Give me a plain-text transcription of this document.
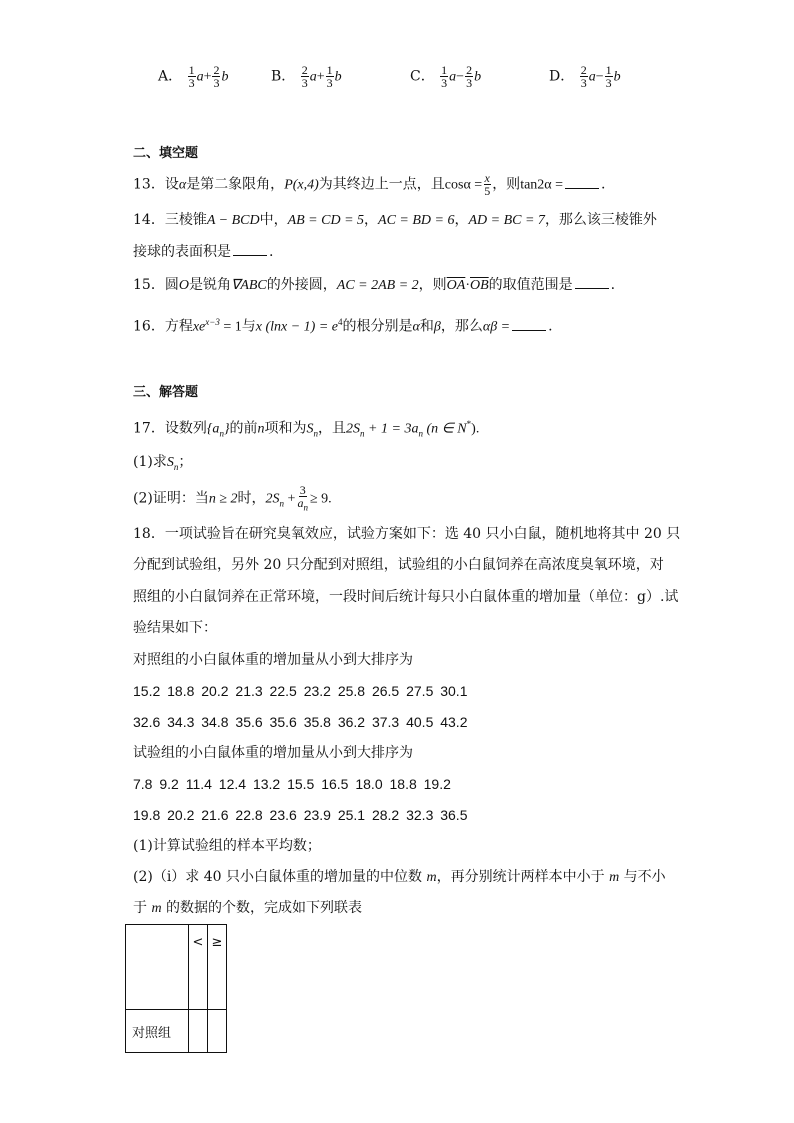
A． $\frac{1}{3} a+ \frac{2}{3}$ b	B． $\frac{2}{3} a+ \frac{1}{3}$ b	C． $\frac{1}{3} a- \frac{2}{3}$ b	D． $\frac{2}{3} a- \frac{1}{3}$ b
二、填空题
13．设α是第二象限角，P(x,4)为其终边上一点，且$\cos\alpha = \frac{x}{5}$ ，则tan2α =	.
14．三棱锥A − BCD中，AB = CD = 5，AC = BD = 6，AD = BC = 7，那么该三棱锥外
接球的表面积是	.
15．圆O是锐角∇ABC的外接圆，AC = 2AB = 2，则$\overline{OA}\cdot\overline{OB}$的取值范围是	.
16．方程$xe^{x-3} = 1$与x $(\ln x - 1) = e^4$的根分别是α和β，那么αβ =	.
三、解答题
17．设数列$\{a_n\}$的前n项和为$S_n$，且$2S_n + 1 = 3a_n$ (n ∈ N*).
(1)求$S_n$；
(2)证明：当n ≥ 2时，$2S_n + \frac{3}{a_n} \ge 9$.
18．一项试验旨在研究臭氧效应，试验方案如下：选 40 只小白鼠，随机地将其中 20 只
分配到试验组，另外 20 只分配到对照组，试验组的小白鼠饲养在高浓度臭氧环境，对
照组的小白鼠饲养在正常环境，一段时间后统计每只小白鼠体重的增加量（单位：g）.试
验结果如下：
对照组的小白鼠体重的增加量从小到大排序为
15.2 18.8 20.2 21.3 22.5 23.2 25.8 26.5 27.5 30.1
32.6 34.3 34.8 35.6 35.6 35.8 36.2 37.3 40.5 43.2
试验组的小白鼠体重的增加量从小到大排序为
7.8 9.2 11.4 12.4 13.2 15.5 16.5 18.0 18.8 19.2
19.8 20.2 21.6 22.8 23.6 23.9 25.1 28.2 32.3 36.5
(1)计算试验组的样本平均数；
(2)（ⅰ）求 40 只小白鼠体重的增加量的中位数 m，再分别统计两样本中小于 m 与不小
于 m 的数据的个数，完成如下列联表
	<	≥
对照组		
